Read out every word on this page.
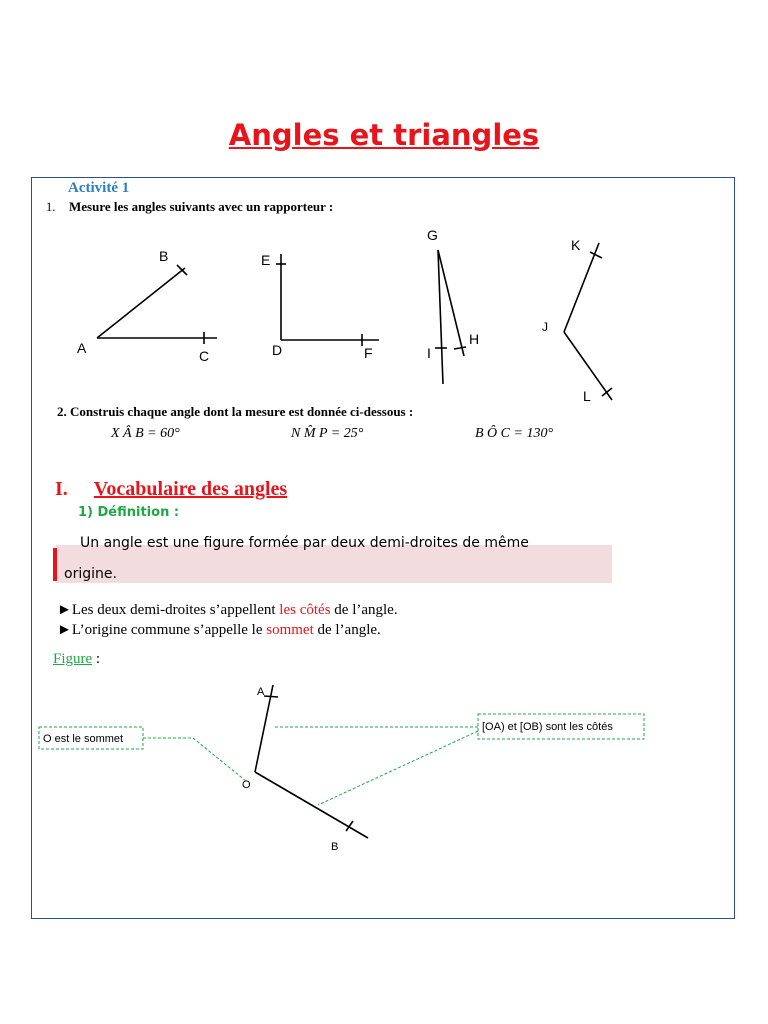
Angles et triangles
Activité 1
1. Mesure les angles suivants avec un rapporteur :
A
B
C	D
E
F
G
H
I
J
K
L
2. Construis chaque angle dont la mesure est donnée ci-dessous :
X Â B = 60°	N M̂ P = 25°	B Ô C = 130°
I. Vocabulaire des angles
1) Définition :
Un angle est une figure formée par deux demi-droites de même
origine.
►Les deux demi-droites s’appellent les côtés de l’angle.
►L’origine commune s’appelle le sommet de l’angle.
Figure :
A
O
B
O est le sommet
[OA) et [OB) sont les côtés
